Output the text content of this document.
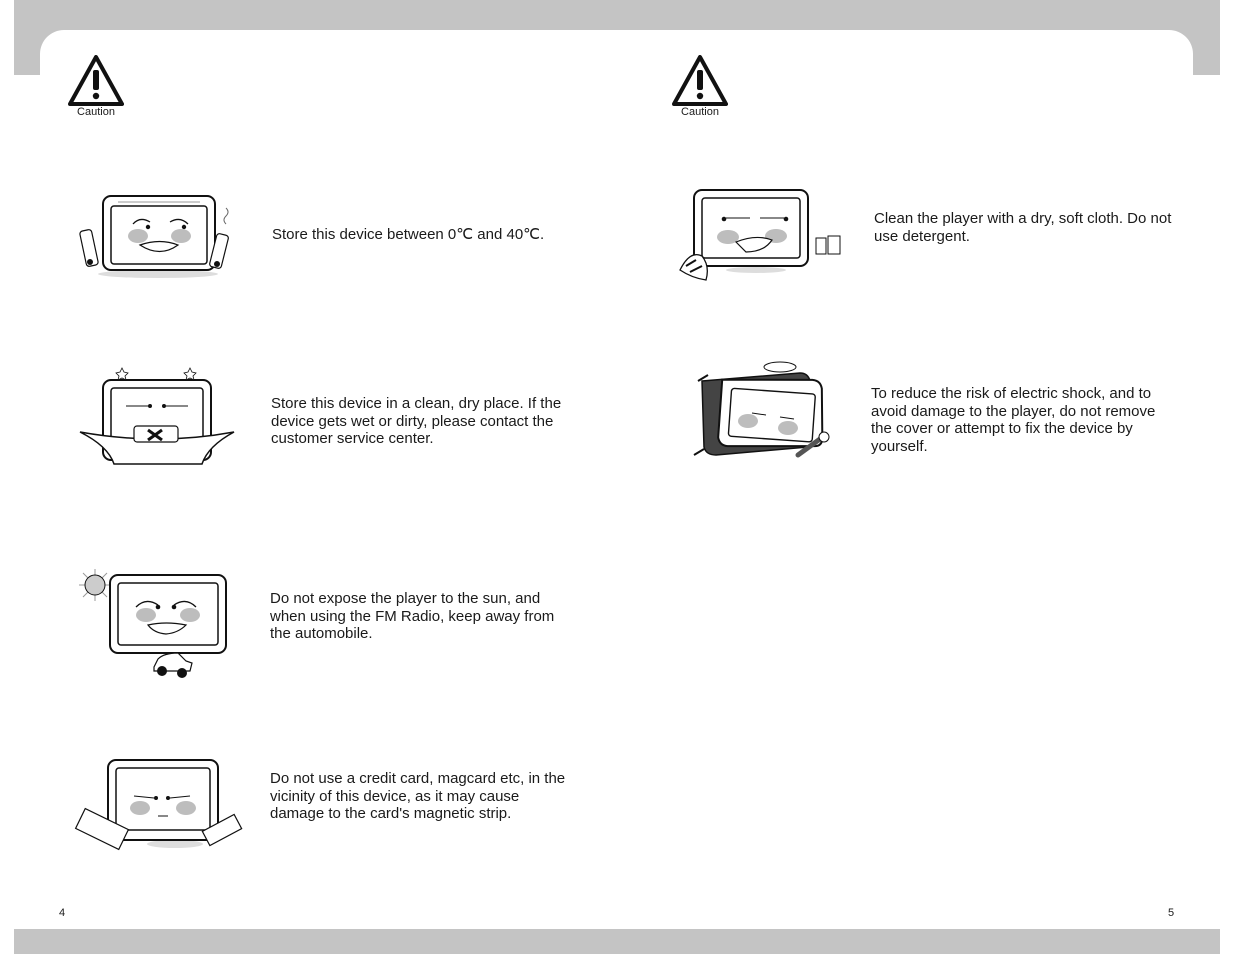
Caution	Caution
Store this device between 0℃ and 40℃.
Store this device in a clean, dry place. If the device gets wet or dirty, please contact the customer service center.
Do not expose the player to the sun, and when using the FM Radio, keep away from the automobile.
Do not use a credit card, magcard etc, in the vicinity of this device, as it may cause damage to the card's magnetic strip.
Clean the player with a dry, soft cloth. Do not use detergent.
To reduce the risk of electric shock, and to avoid damage to the player, do not remove the cover or attempt to fix the device by yourself.
4	5
